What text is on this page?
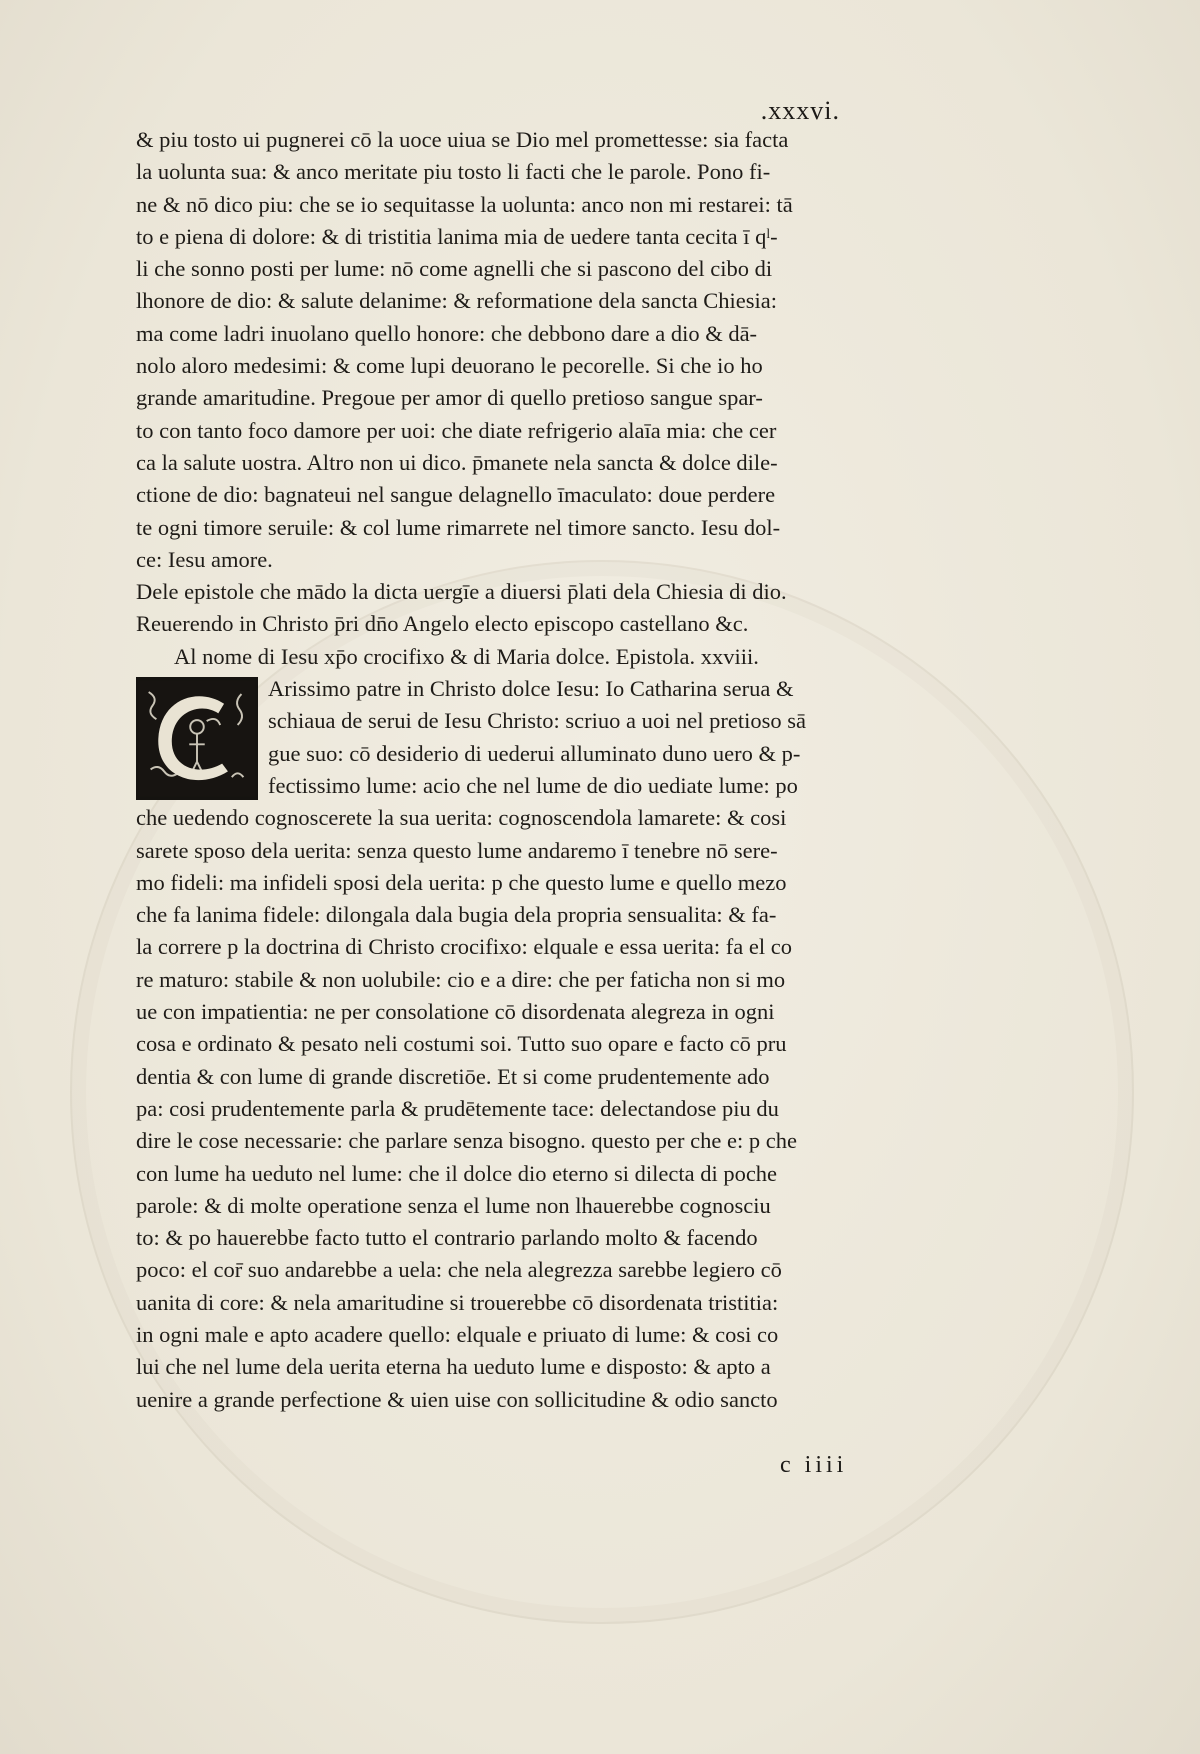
.xxxvi.
& piu tosto ui pugnerei cō la uoce uiua se Dio mel promettesse: sia facta
la uolunta sua: & anco meritate piu tosto li facti che le parole. Pono fi-
ne & nō dico piu: che se io sequitasse la uolunta: anco non mi restarei: tā
to e piena di dolore: & di tristitia lanima mia de uedere tanta cecita ī qˡ-
li che sonno posti per lume: nō come agnelli che si pascono del cibo di
lhonore de dio: & salute delanime: & reformatione dela sancta Chiesia:
ma come ladri inuolano quello honore: che debbono dare a dio & dā-
nolo aloro medesimi: & come lupi deuorano le pecorelle. Si che io ho
grande amaritudine. Pregoue per amor di quello pretioso sangue spar-
to con tanto foco damore per uoi: che diate refrigerio alaīa mia: che cer
ca la salute uostra. Altro non ui dico. p̄manete nela sancta & dolce dile-
ctione de dio: bagnateui nel sangue delagnello īmaculato: doue perdere
te ogni timore seruile: & col lume rimarrete nel timore sancto. Iesu dol-
ce: Iesu amore.
Dele epistole che mādo la dicta uergīe a diuersi p̄lati dela Chiesia di dio.
Reuerendo in Christo p̄ri dn̄o Angelo electo episcopo castellano &c.
Al nome di Iesu xp̄o crocifixo & di Maria dolce. Epistola. xxviii.
Arissimo patre in Christo dolce Iesu: Io Catharina serua &
schiaua de serui de Iesu Christo: scriuo a uoi nel pretioso sā
gue suo: cō desiderio di uederui alluminato duno uero & p-
fectissimo lume: acio che nel lume de dio uediate lume: po
che uedendo cognoscerete la sua uerita: cognoscendola lamarete: & cosi
sarete sposo dela uerita: senza questo lume andaremo ī tenebre nō sere-
mo fideli: ma infideli sposi dela uerita: p che questo lume e quello mezo
che fa lanima fidele: dilongala dala bugia dela propria sensualita: & fa-
la correre p la doctrina di Christo crocifixo: elquale e essa uerita: fa el co
re maturo: stabile & non uolubile: cio e a dire: che per faticha non si mo
ue con impatientia: ne per consolatione cō disordenata alegreza in ogni
cosa e ordinato & pesato neli costumi soi. Tutto suo opare e facto cō pru
dentia & con lume di grande discretiōe. Et si come prudentemente ado
pa: cosi prudentemente parla & prudētemente tace: delectandose piu du
dire le cose necessarie: che parlare senza bisogno. questo per che e: p che
con lume ha ueduto nel lume: che il dolce dio eterno si dilecta di poche
parole: & di molte operatione senza el lume non lhauerebbe cognosciu
to: & po hauerebbe facto tutto el contrario parlando molto & facendo
poco: el cor̄ suo andarebbe a uela: che nela alegrezza sarebbe legiero cō
uanita di core: & nela amaritudine si trouerebbe cō disordenata tristitia:
in ogni male e apto acadere quello: elquale e priuato di lume: & cosi co
lui che nel lume dela uerita eterna ha ueduto lume e disposto: & apto a
uenire a grande perfectione & uien uise con sollicitudine & odio sancto
c iiii
